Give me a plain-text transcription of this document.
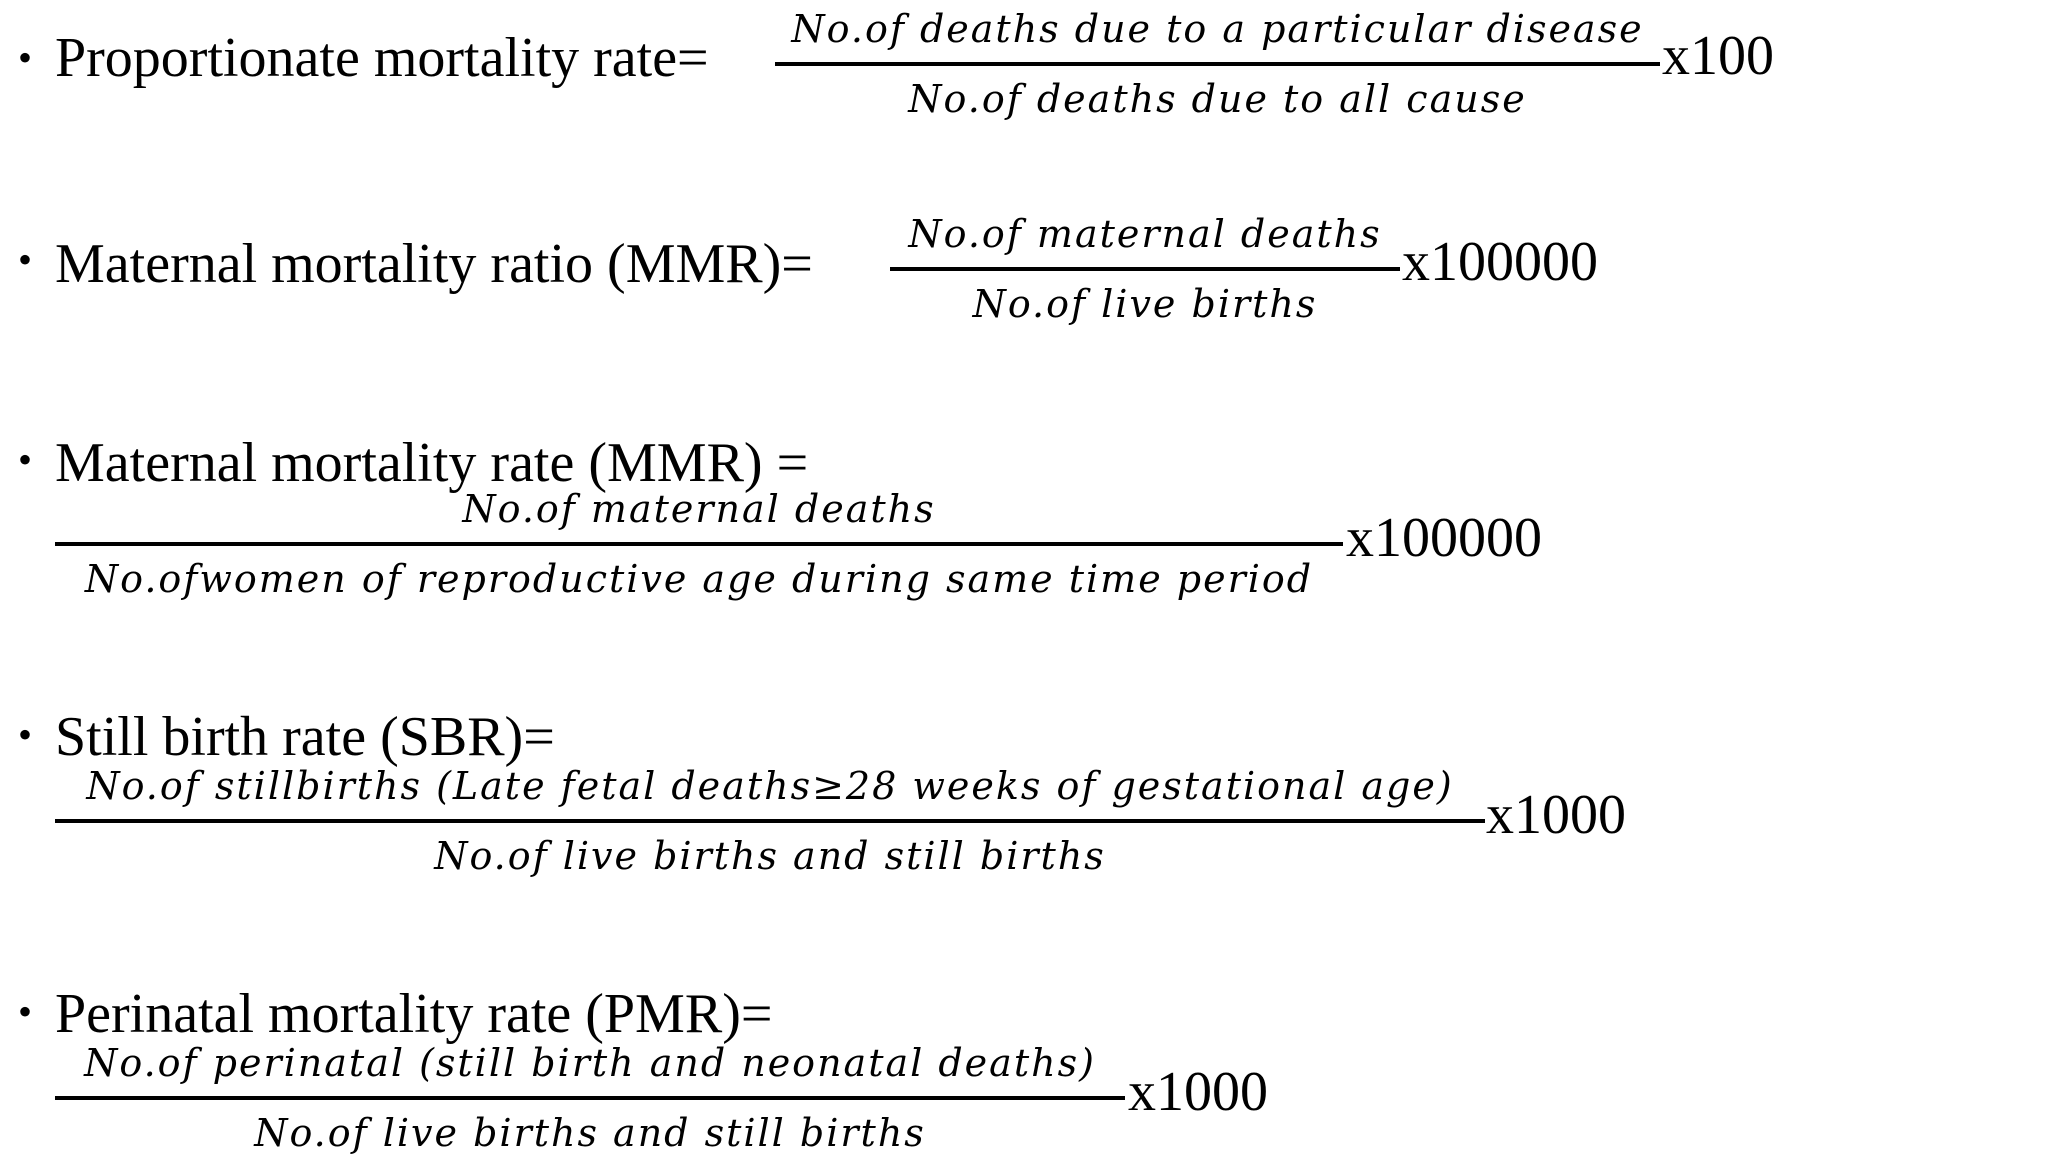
• Proportionate mortality rate= No.of deaths due to a particular disease
No.of deaths due to all cause
x100
• Maternal mortality ratio (MMR)=	No.of maternal deaths
No.of live births
x100000
• Maternal mortality rate (MMR) =
No.of maternal deaths
No.ofwomen of reproductive age during same time period
x100000
• Still birth rate (SBR)=
No.of stillbirths (Late fetal deaths≥28 weeks of gestational age)
No.of live births and still births
x1000
• Perinatal mortality rate (PMR)=
No.of perinatal (still birth and neonatal deaths)
No.of live births and still births
x1000
